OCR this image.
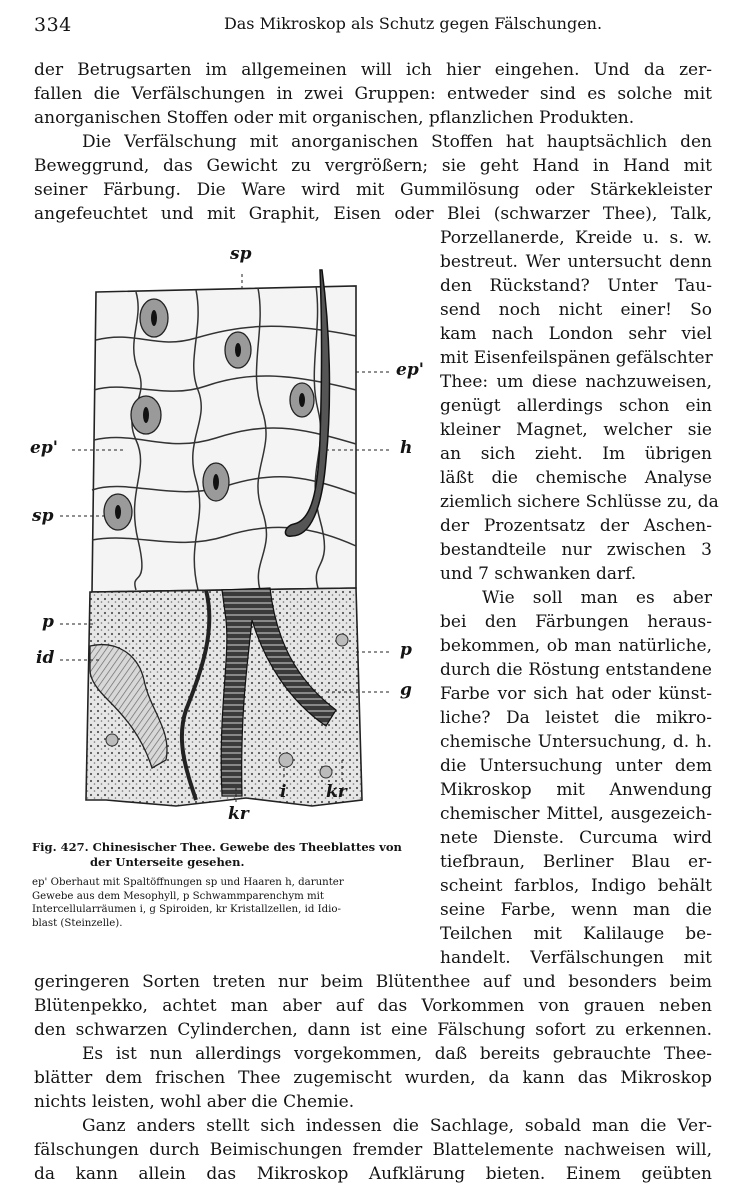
334	Das Mikroskop als Schutz gegen Fälschungen.
der Betrugsarten im allgemeinen will ich hier eingehen. Und da zer-
fallen die Verfälschungen in zwei Gruppen: entweder sind es solche mit
anorganischen Stoffen oder mit organischen, pflanzlichen Produkten.
Die Verfälschung mit anorganischen Stoffen hat hauptsächlich den
Beweggrund, das Gewicht zu vergrößern; sie geht Hand in Hand mit
seiner Färbung. Die Ware wird mit Gummilösung oder Stärkekleister
angefeuchtet und mit Graphit, Eisen oder Blei (schwarzer Thee), Talk,
Porzellanerde, Kreide u. s. w.
bestreut. Wer untersucht denn
den Rückstand? Unter Tau-
send noch nicht einer! So
kam nach London sehr viel
mit Eisenfeilspänen gefälschter
Thee: um diese nachzuweisen,
genügt allerdings schon ein
kleiner Magnet, welcher sie
an sich zieht. Im übrigen
läßt die chemische Analyse
ziemlich sichere Schlüsse zu, da
der Prozentsatz der Aschen-
bestandteile nur zwischen 3
und 7 schwanken darf.
Wie soll man es aber
bei den Färbungen heraus-
bekommen, ob man natürliche,
durch die Röstung entstandene
Farbe vor sich hat oder künst-
liche? Da leistet die mikro-
chemische Untersuchung, d. h.
die Untersuchung unter dem
Mikroskop mit Anwendung
chemischer Mittel, ausgezeich-
nete Dienste. Curcuma wird
tiefbraun, Berliner Blau er-
scheint farblos, Indigo behält
seine Farbe, wenn man die
Teilchen mit Kalilauge be-
handelt. Verfälschungen mit
geringeren Sorten treten nur beim Blütenthee auf und besonders beim
Blütenpekko, achtet man aber auf das Vorkommen von grauen neben
den schwarzen Cylinderchen, dann ist eine Fälschung sofort zu erkennen.
Es ist nun allerdings vorgekommen, daß bereits gebrauchte Thee-
blätter dem frischen Thee zugemischt wurden, da kann das Mikroskop
nichts leisten, wohl aber die Chemie.
Ganz anders stellt sich indessen die Sachlage, sobald man die Ver-
fälschungen durch Beimischungen fremder Blattelemente nachweisen will,
da kann allein das Mikroskop Aufklärung bieten. Einem geübten
sp
ep'
ep'	h
sp
p
id	p
g
kr
i kr
Fig. 427. Chinesischer Thee. Gewebe des Theeblattes von
der Unterseite gesehen.
ep' Oberhaut mit Spaltöffnungen sp und Haaren h, darunter
Gewebe aus dem Mesophyll, p Schwammparenchym mit
Intercellularräumen i, g Spiroiden, kr Kristallzellen, id Idio-
blast (Steinzelle).
